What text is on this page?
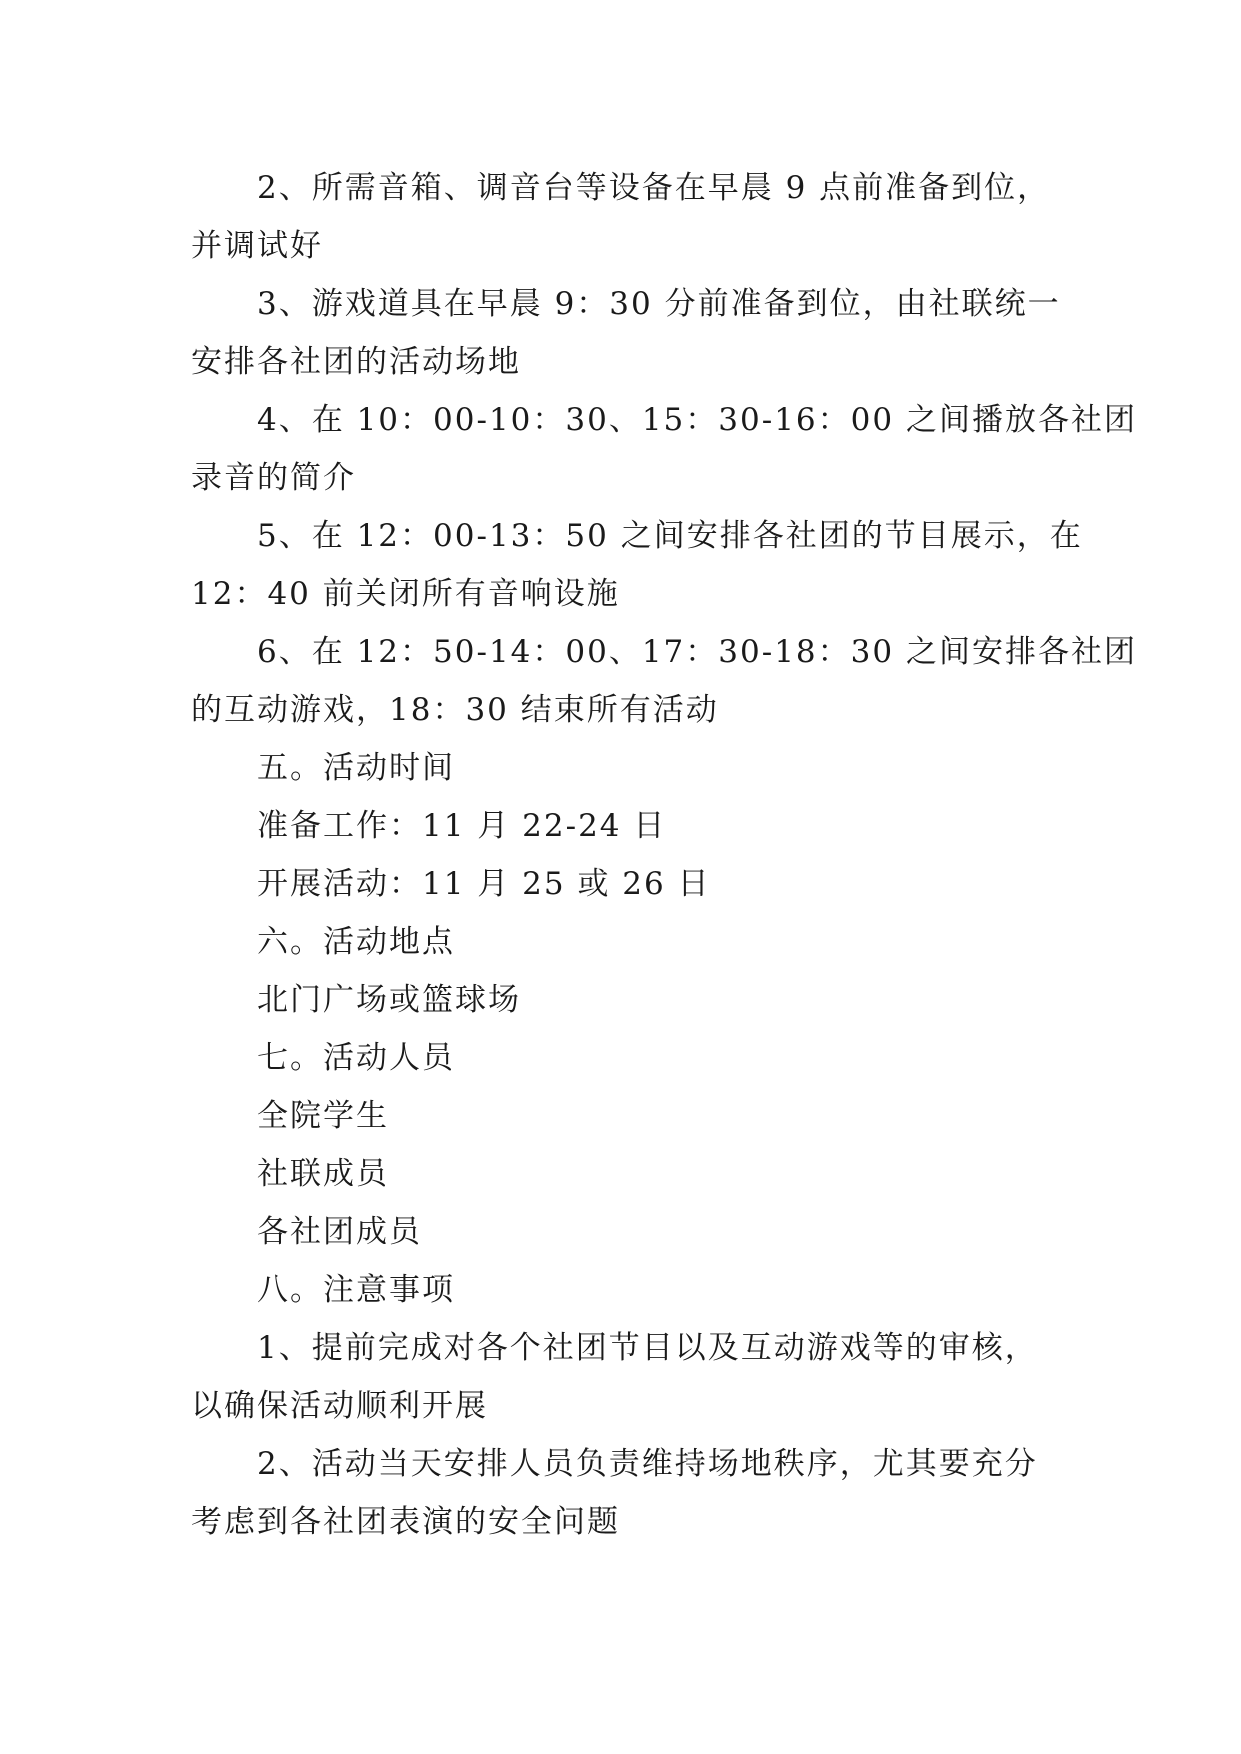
2、所需音箱、调音台等设备在早晨 9 点前准备到位，
并调试好
3、游戏道具在早晨 9：30 分前准备到位，由社联统一
安排各社团的活动场地
4、在 10：00-10：30、15：30-16：00 之间播放各社团
录音的简介
5、在 12：00-13：50 之间安排各社团的节目展示，在
12：40 前关闭所有音响设施
6、在 12：50-14：00、17：30-18：30 之间安排各社团
的互动游戏，18：30 结束所有活动
五。活动时间
准备工作：11 月 22-24 日
开展活动：11 月 25 或 26 日
六。活动地点
北门广场或篮球场
七。活动人员
全院学生
社联成员
各社团成员
八。注意事项
1、提前完成对各个社团节目以及互动游戏等的审核，
以确保活动顺利开展
2、活动当天安排人员负责维持场地秩序，尤其要充分
考虑到各社团表演的安全问题
